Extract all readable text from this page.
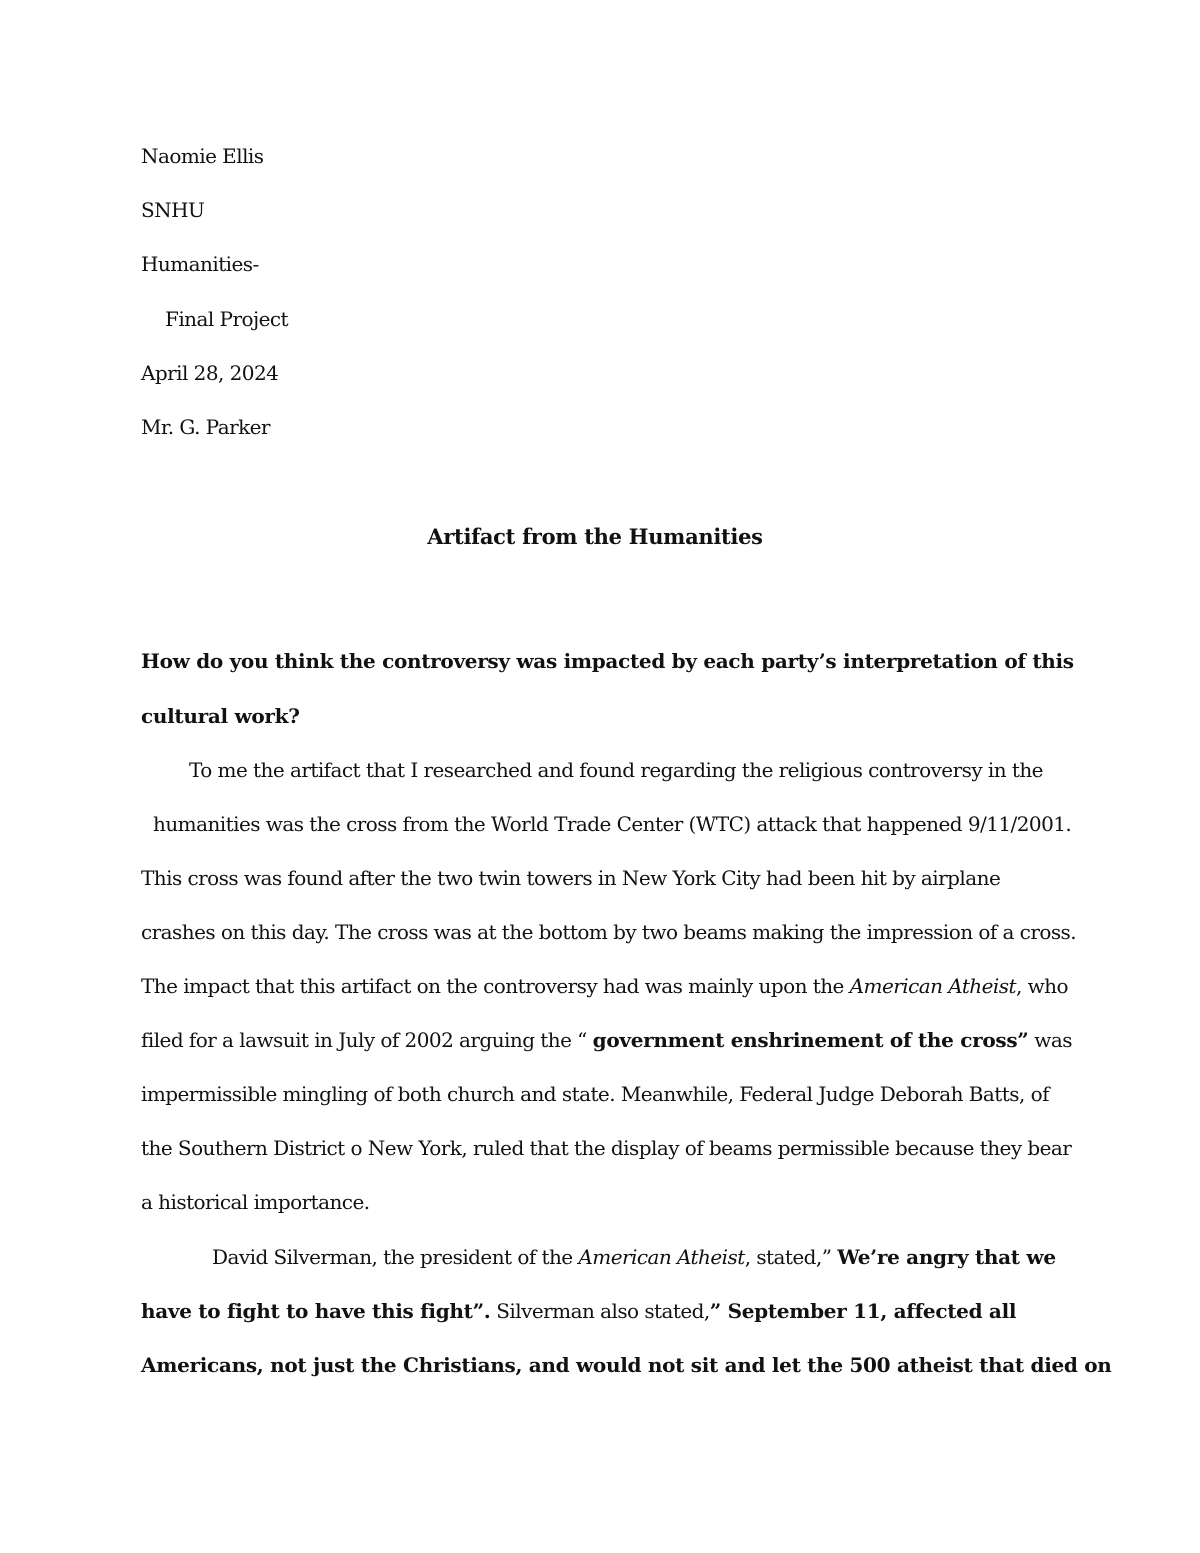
Naomie Ellis
SNHU
Humanities-
Final Project
April 28, 2024
Mr. G. Parker
Artifact from the Humanities
How do you think the controversy was impacted by each party’s interpretation of this
cultural work?
To me the artifact that I researched and found regarding the religious controversy in the
humanities was the cross from the World Trade Center (WTC) attack that happened 9/11/2001.
This cross was found after the two twin towers in New York City had been hit by airplane
crashes on this day. The cross was at the bottom by two beams making the impression of a cross.
The impact that this artifact on the controversy had was mainly upon the American Atheist, who
filed for a lawsuit in July of 2002 arguing the “ government enshrinement of the cross” was
impermissible mingling of both church and state. Meanwhile, Federal Judge Deborah Batts, of
the Southern District o New York, ruled that the display of beams permissible because they bear
a historical importance.
David Silverman, the president of the American Atheist, stated,” We’re angry that we
have to fight to have this fight”. Silverman also stated,” September 11, affected all
Americans, not just the Christians, and would not sit and let the 500 atheist that died on
